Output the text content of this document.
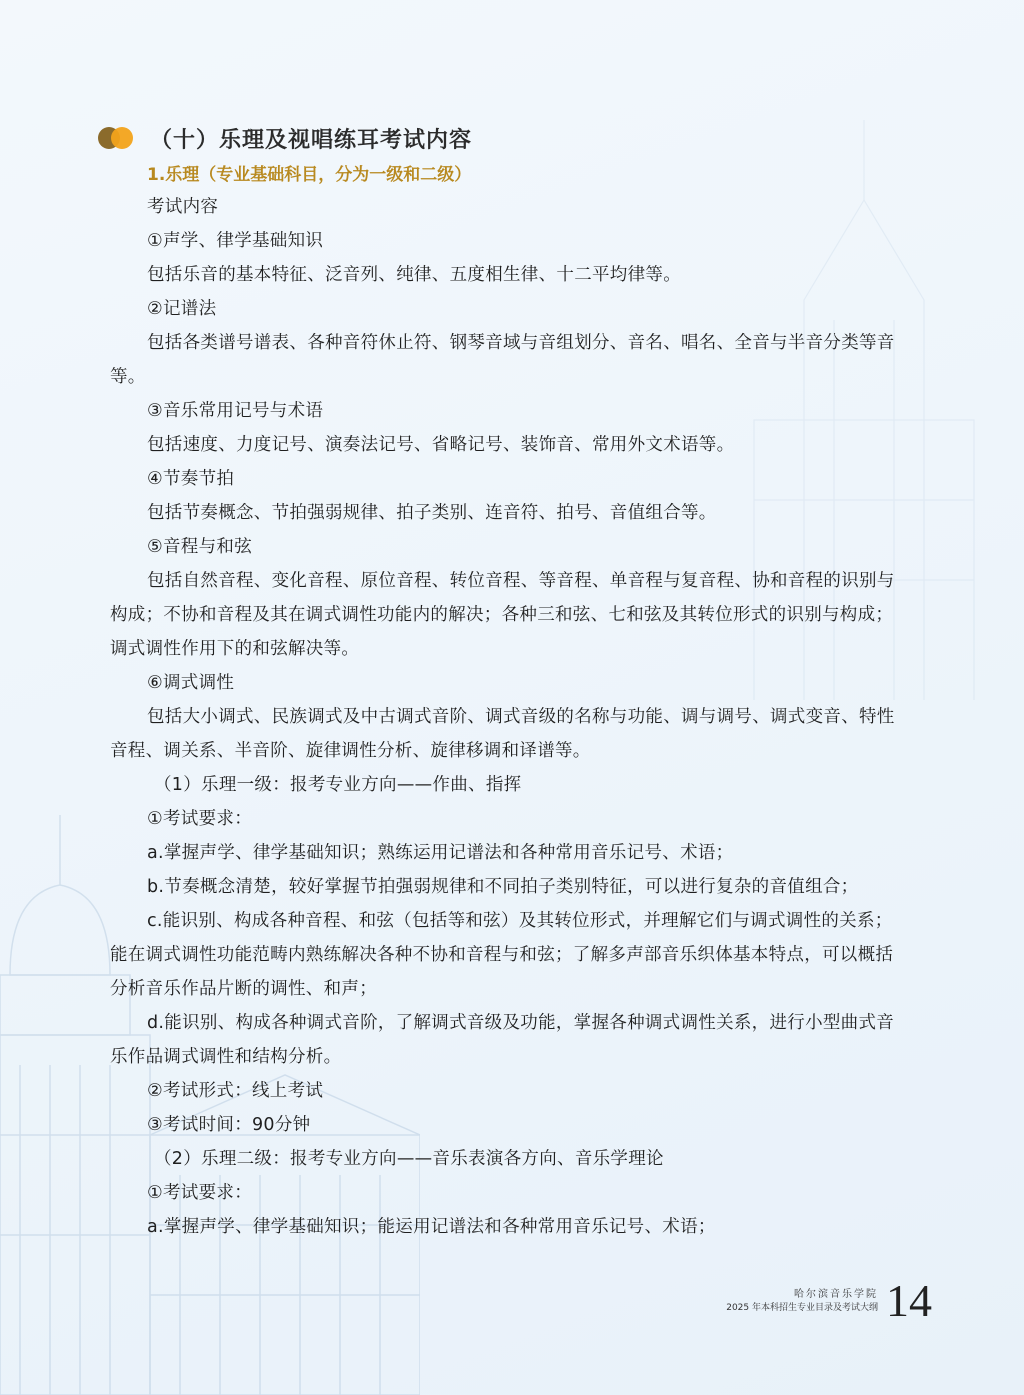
（十）乐理及视唱练耳考试内容
1.乐理（专业基础科目，分为一级和二级）

考试内容

①声学、律学基础知识

包括乐音的基本特征、泛音列、纯律、五度相生律、十二平均律等。

②记谱法

包括各类谱号谱表、各种音符休止符、钢琴音域与音组划分、音名、唱名、全音与半音分类等音等。

③音乐常用记号与术语

包括速度、力度记号、演奏法记号、省略记号、装饰音、常用外文术语等。

④节奏节拍

包括节奏概念、节拍强弱规律、拍子类别、连音符、拍号、音值组合等。

⑤音程与和弦

包括自然音程、变化音程、原位音程、转位音程、等音程、单音程与复音程、协和音程的识别与构成；不协和音程及其在调式调性功能内的解决；各种三和弦、七和弦及其转位形式的识别与构成；调式调性作用下的和弦解决等。

⑥调式调性

包括大小调式、民族调式及中古调式音阶、调式音级的名称与功能、调与调号、调式变音、特性音程、调关系、半音阶、旋律调性分析、旋律移调和译谱等。

（1）乐理一级：报考专业方向——作曲、指挥

①考试要求：

a.掌握声学、律学基础知识；熟练运用记谱法和各种常用音乐记号、术语；

b.节奏概念清楚，较好掌握节拍强弱规律和不同拍子类别特征，可以进行复杂的音值组合；

c.能识别、构成各种音程、和弦（包括等和弦）及其转位形式，并理解它们与调式调性的关系；能在调式调性功能范畴内熟练解决各种不协和音程与和弦；了解多声部音乐织体基本特点，可以概括分析音乐作品片断的调性、和声；

d.能识别、构成各种调式音阶，了解调式音级及功能，掌握各种调式调性关系，进行小型曲式音乐作品调式调性和结构分析。

②考试形式：线上考试

③考试时间：90分钟

（2）乐理二级：报考专业方向——音乐表演各方向、音乐学理论

①考试要求：

a.掌握声学、律学基础知识；能运用记谱法和各种常用音乐记号、术语；

哈尔滨音乐学院
2025 年本科招生专业目录及考试大纲 14
